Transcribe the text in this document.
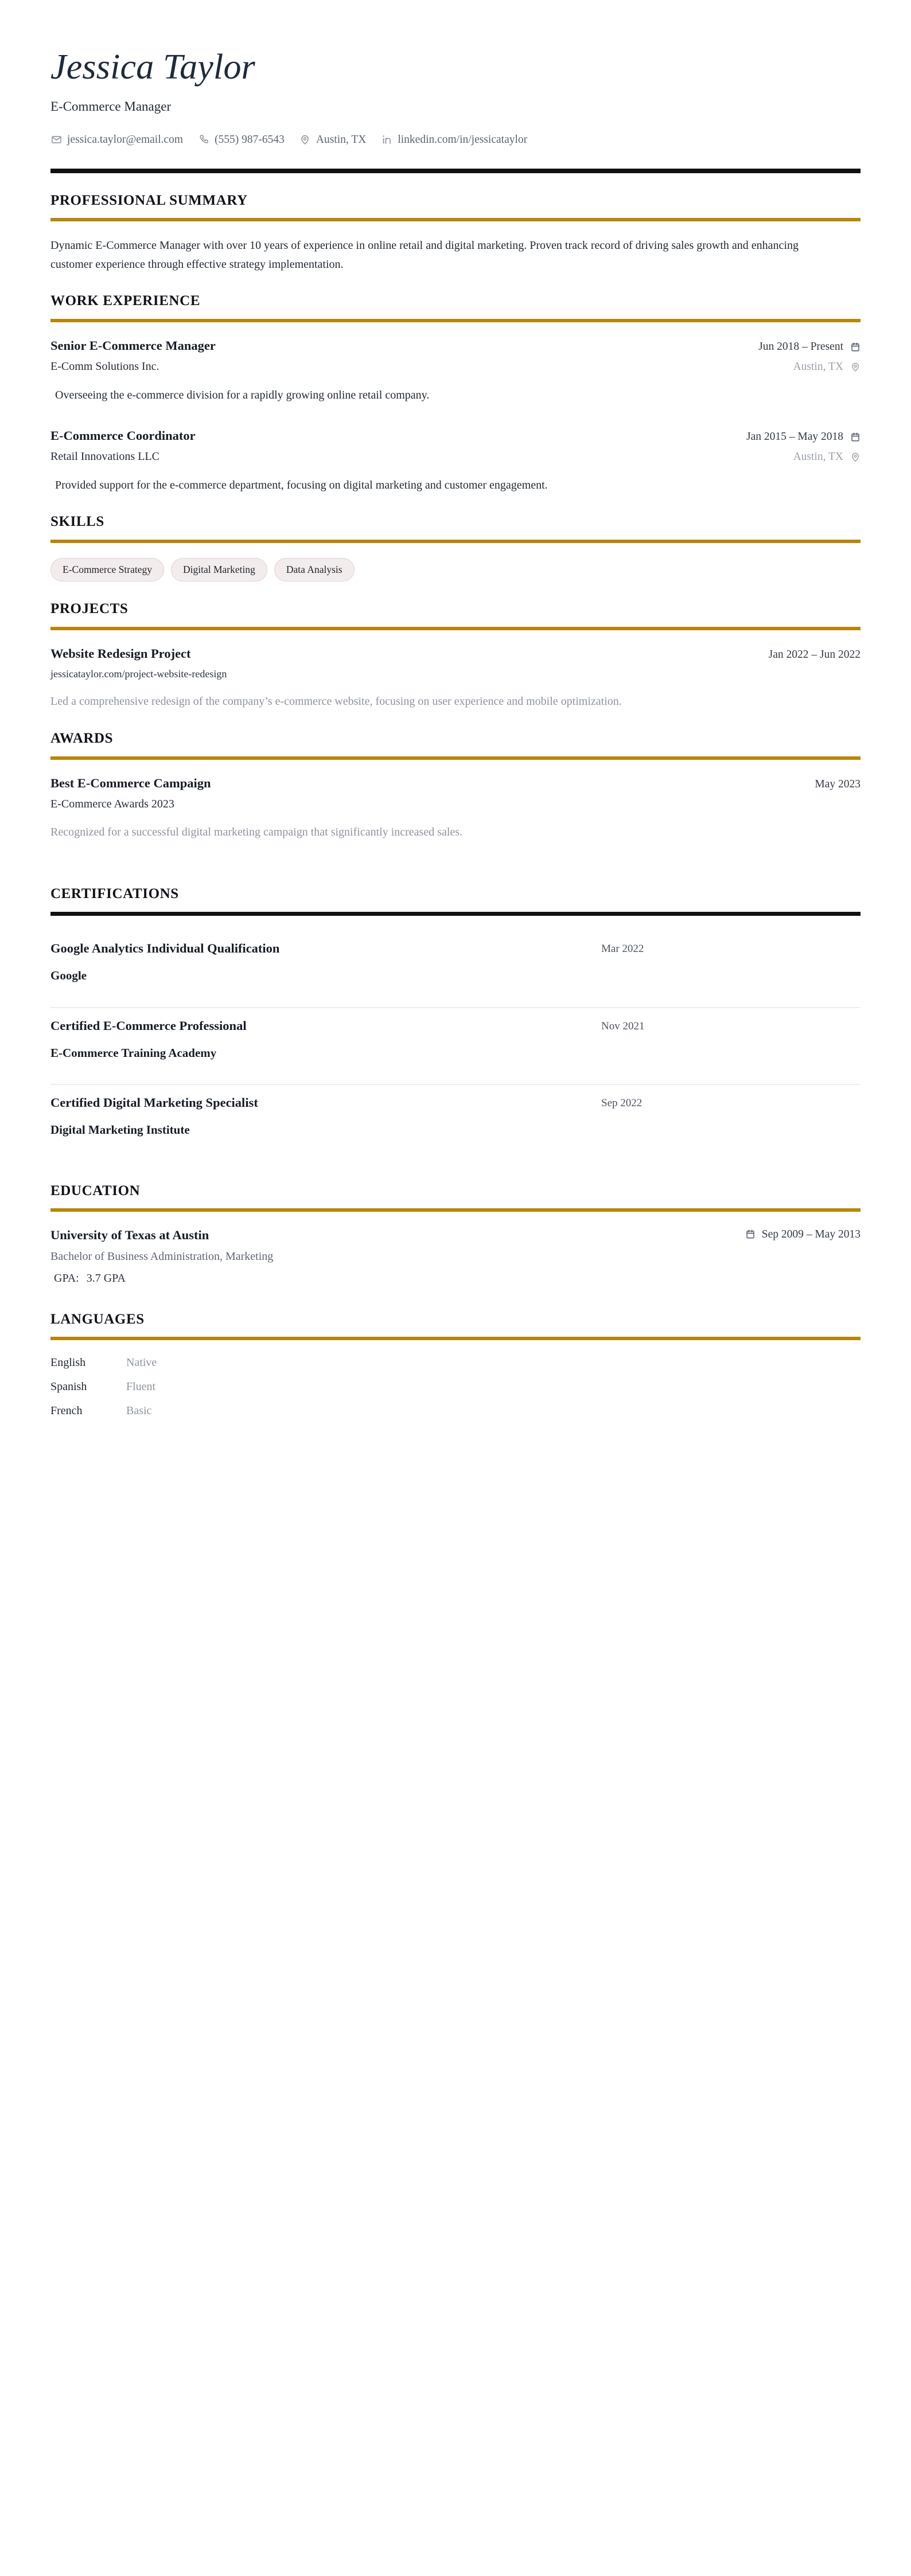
Jessica Taylor
E-Commerce Manager
jessica.taylor@email.com	(555) 987-6543	Austin, TX	linkedin.com/in/jessicataylor
PROFESSIONAL SUMMARY

Dynamic E-Commerce Manager with over 10 years of experience in online retail and digital marketing. Proven track record of driving sales growth and enhancing customer experience through effective strategy implementation.

WORK EXPERIENCE
Senior E-Commerce Manager	Jun 2018 – Present
E-Comm Solutions Inc.	Austin, TX
Overseeing the e-commerce division for a rapidly growing online retail company.
E-Commerce Coordinator	Jan 2015 – May 2018
Retail Innovations LLC	Austin, TX
Provided support for the e-commerce department, focusing on digital marketing and customer engagement.
SKILLS
E-Commerce Strategy	Digital Marketing	Data Analysis
PROJECTS
Website Redesign Project	Jan 2022 – Jun 2022
jessicataylor.com/project-website-redesign
Led a comprehensive redesign of the company’s e-commerce website, focusing on user experience and mobile optimization.
AWARDS
Best E-Commerce Campaign	May 2023
E-Commerce Awards 2023
Recognized for a successful digital marketing campaign that significantly increased sales.
CERTIFICATIONS
Google Analytics Individual Qualification
Google
Mar 2022
Certified E-Commerce Professional
E-Commerce Training Academy
Nov 2021
Certified Digital Marketing Specialist
Digital Marketing Institute
Sep 2022
EDUCATION
University of Texas at Austin	Sep 2009 – May 2013
Bachelor of Business Administration, Marketing
GPA: 3.7 GPA
LANGUAGES
English	Native
Spanish	Fluent
French	Basic
